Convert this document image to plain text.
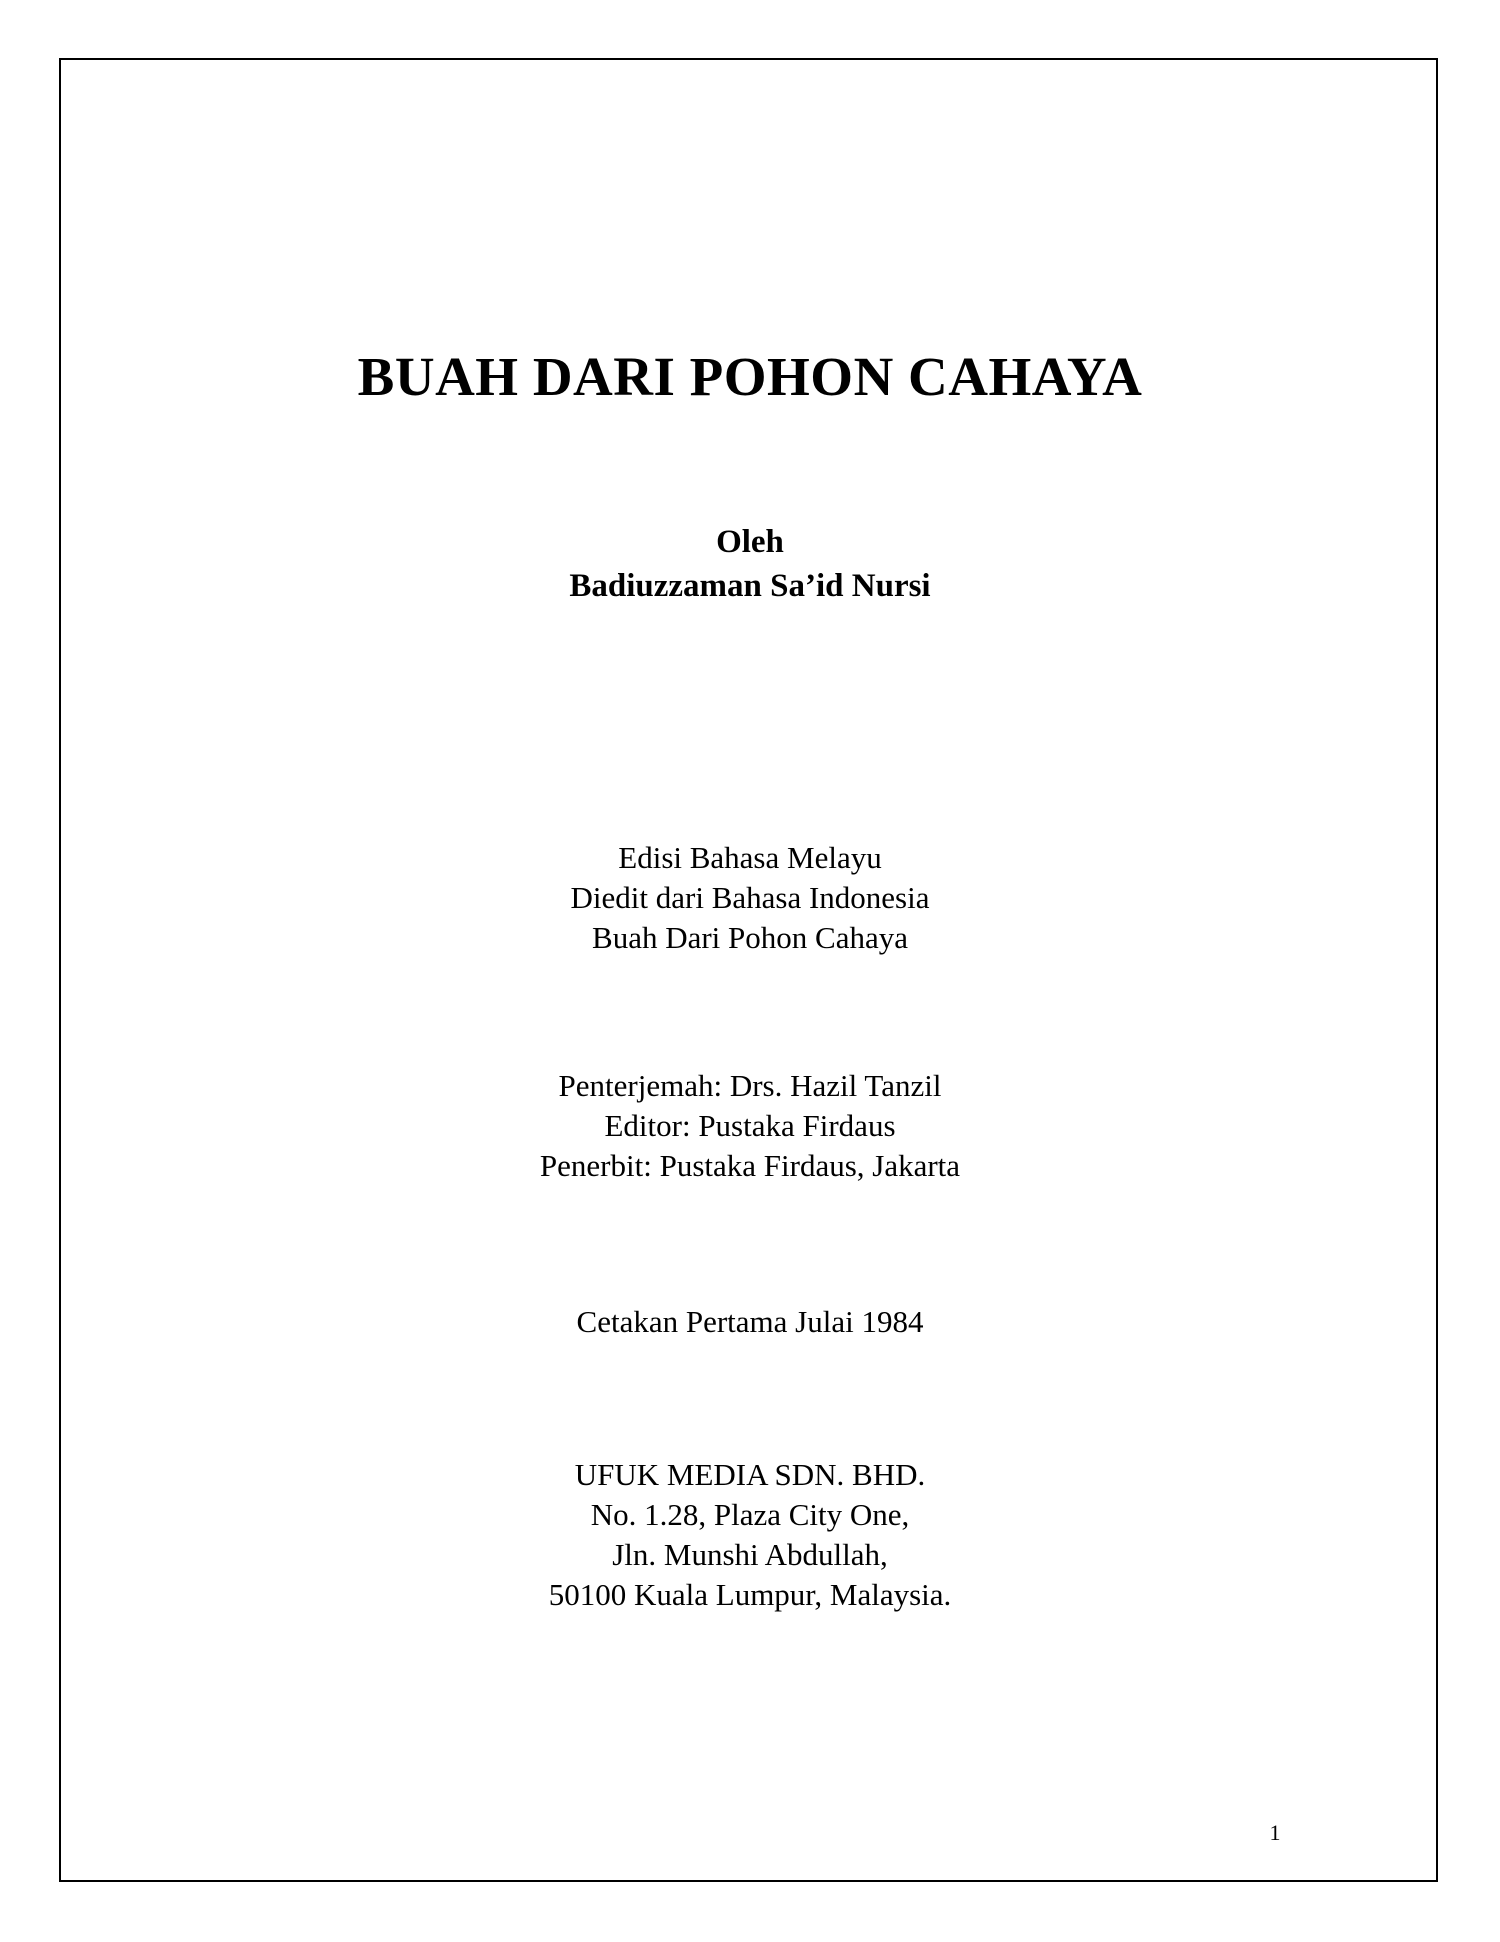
BUAH DARI POHON CAHAYA
Oleh
Badiuzzaman Sa’id Nursi
Edisi Bahasa Melayu
Diedit dari Bahasa Indonesia
Buah Dari Pohon Cahaya
Penterjemah: Drs. Hazil Tanzil
Editor: Pustaka Firdaus
Penerbit: Pustaka Firdaus, Jakarta
Cetakan Pertama Julai 1984
UFUK MEDIA SDN. BHD.
No. 1.28, Plaza City One,
Jln. Munshi Abdullah,
50100 Kuala Lumpur, Malaysia.
1
